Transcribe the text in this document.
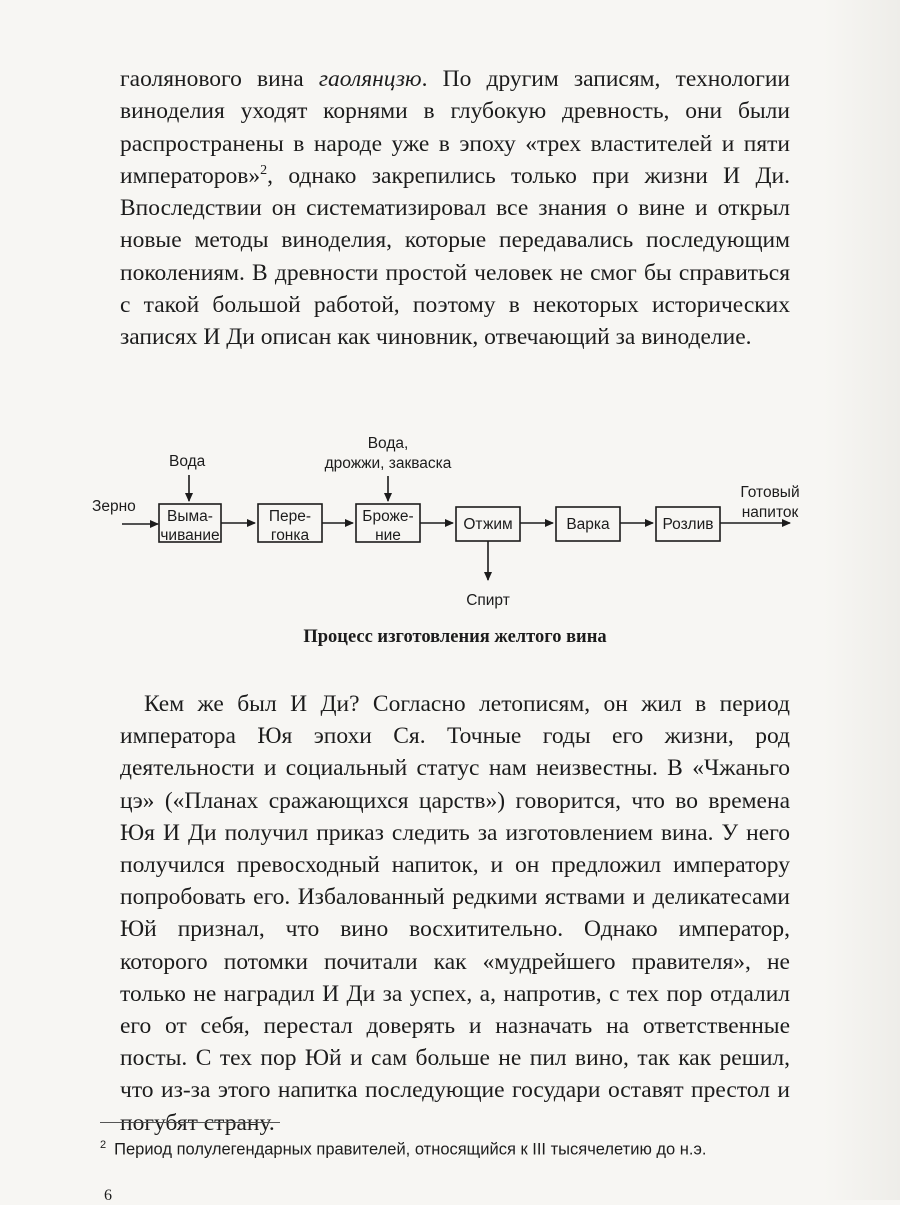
гаолянового вина гаолянцзю. По другим записям, технологии виноделия уходят корнями в глубокую древность, они были распространены в народе уже в эпоху «трех властителей и пяти императоров»$^2$, однако закрепились только при жизни И Ди. Впоследствии он систематизировал все знания о вине и открыл новые методы виноделия, которые передавались последующим поколениям. В древности простой человек не смог бы справиться с такой большой работой, поэтому в некоторых исторических записях И Ди описан как чиновник, отвечающий за виноделие.

Зерно
Вода
Выма-
чивание
Пере-
гонка
Вода,
дрожжи, закваска
Броже-
ние
Отжим
Спирт
Варка	Розлив
Готовый
напиток
Процесс изготовления желтого вина

Кем же был И Ди? Согласно летописям, он жил в период императора Юя эпохи Ся. Точные годы его жизни, род деятельности и социальный статус нам неизвестны. В «Чжаньго цэ» («Планах сражающихся царств») говорится, что во времена Юя И Ди получил приказ следить за изготовлением вина. У него получился превосходный напиток, и он предложил императору попробовать его. Избалованный редкими яствами и деликатесами Юй признал, что вино восхитительно. Однако император, которого потомки почитали как «мудрейшего правителя», не только не наградил И Ди за успех, а, напротив, с тех пор отдалил его от себя, перестал доверять и назначать на ответственные посты. С тех пор Юй и сам больше не пил вино, так как решил, что из-за этого напитка последующие государи оставят престол и погубят страну.

$^2$ Период полулегендарных правителей, относящийся к III тысячелетию до н.э.
6
